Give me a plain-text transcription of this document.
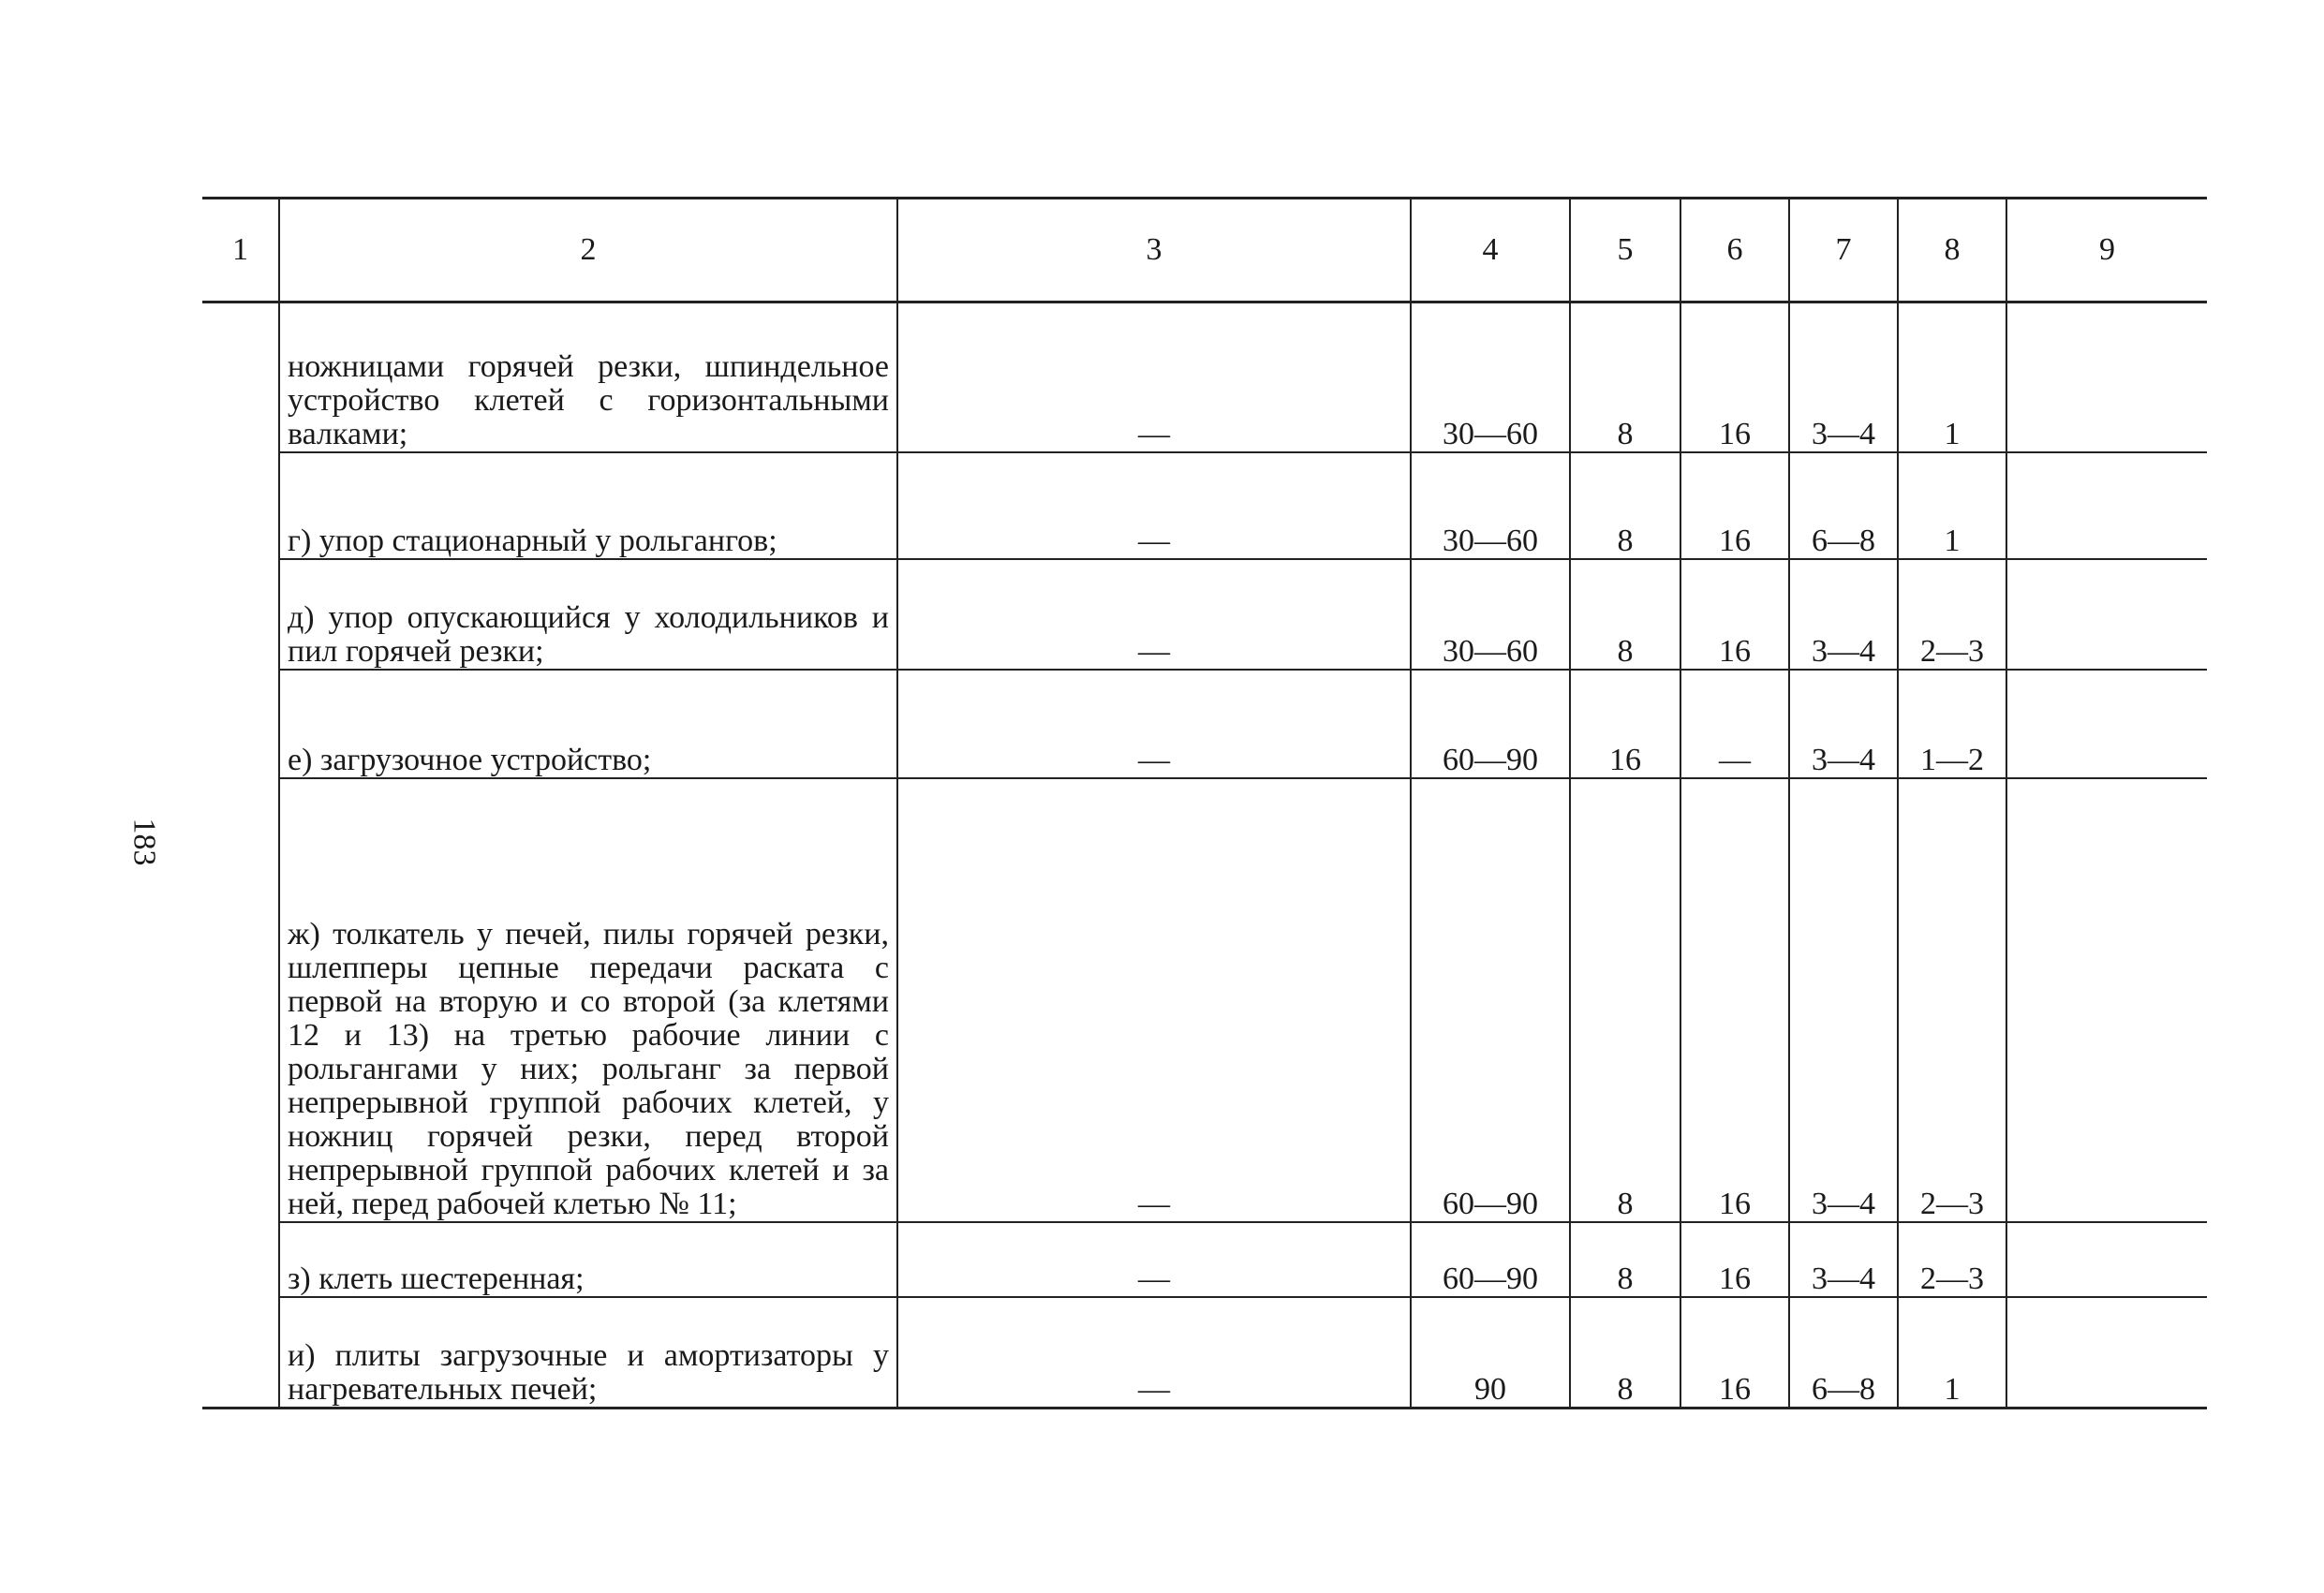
183
1	2	3	4	5	6	7	8	9

	ножницами горячей резки, шпиндельное устройство клетей с горизонтальными валками;	—	30—60	8	16	3—4	1	

	г) упор стационарный у рольгангов;	—	30—60	8	16	6—8	1	

	д) упор опускающийся у холодильников и пил горячей резки;	—	30—60	8	16	3—4	2—3	

	е) загрузочное устройство;	—	60—90	16	—	3—4	1—2	

	ж) толкатель у печей, пилы горячей резки, шлепперы цепные передачи раската с первой на вторую и со второй (за клетями 12 и 13) на третью рабочие линии с рольгангами у них; рольганг за первой непрерывной группой рабочих клетей, у ножниц горячей резки, перед второй непрерывной группой рабочих клетей и за ней, перед рабочей клетью № 11;	—	60—90	8	16	3—4	2—3	

	з) клеть шестеренная;	—	60—90	8	16	3—4	2—3	

	и) плиты загрузочные и амортизаторы у нагревательных печей;	—	90	8	16	6—8	1	
